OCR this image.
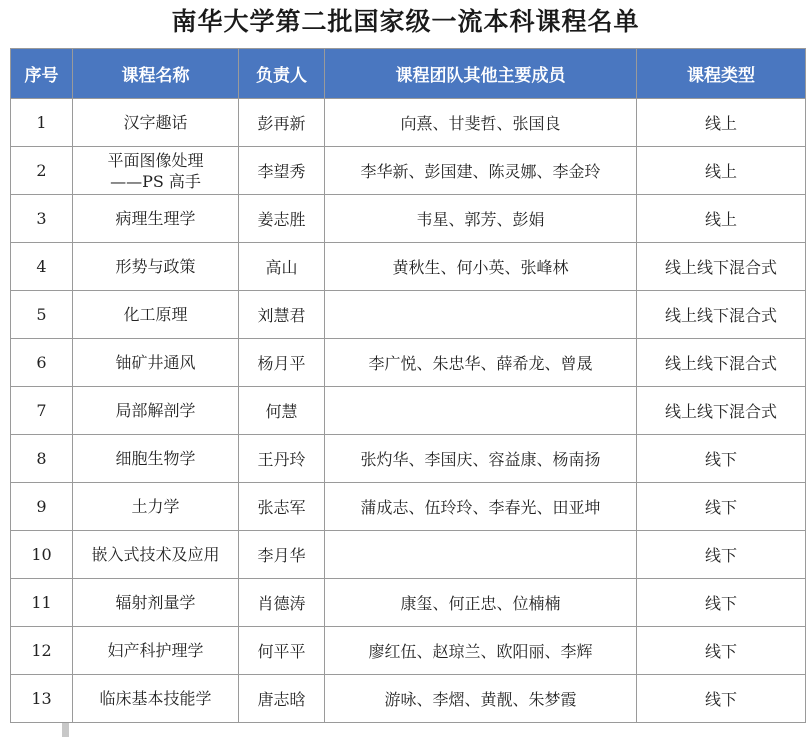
南华大学第二批国家级一流本科课程名单
序号	课程名称	负责人	课程团队其他主要成员	课程类型
1	汉字趣话	彭再新	向熹、甘斐哲、张国良	线上
2	平面图像处理
——PS 高手	李望秀	李华新、彭国建、陈灵娜、李金玲	线上
3	病理生理学	姜志胜	韦星、郭芳、彭娟	线上
4	形势与政策	高山	黄秋生、何小英、张峰林	线上线下混合式
5	化工原理	刘慧君		线上线下混合式
6	铀矿井通风	杨月平	李广悦、朱忠华、薛希龙、曾晟	线上线下混合式
7	局部解剖学	何慧		线上线下混合式
8	细胞生物学	王丹玲	张灼华、李国庆、容益康、杨南扬	线下
9	土力学	张志军	蒲成志、伍玲玲、李春光、田亚坤	线下
10	嵌入式技术及应用	李月华		线下
11	辐射剂量学	肖德涛	康玺、何正忠、位楠楠	线下
12	妇产科护理学	何平平	廖红伍、赵琼兰、欧阳丽、李辉	线下
13	临床基本技能学	唐志晗	游咏、李熠、黄靓、朱梦霞	线下
